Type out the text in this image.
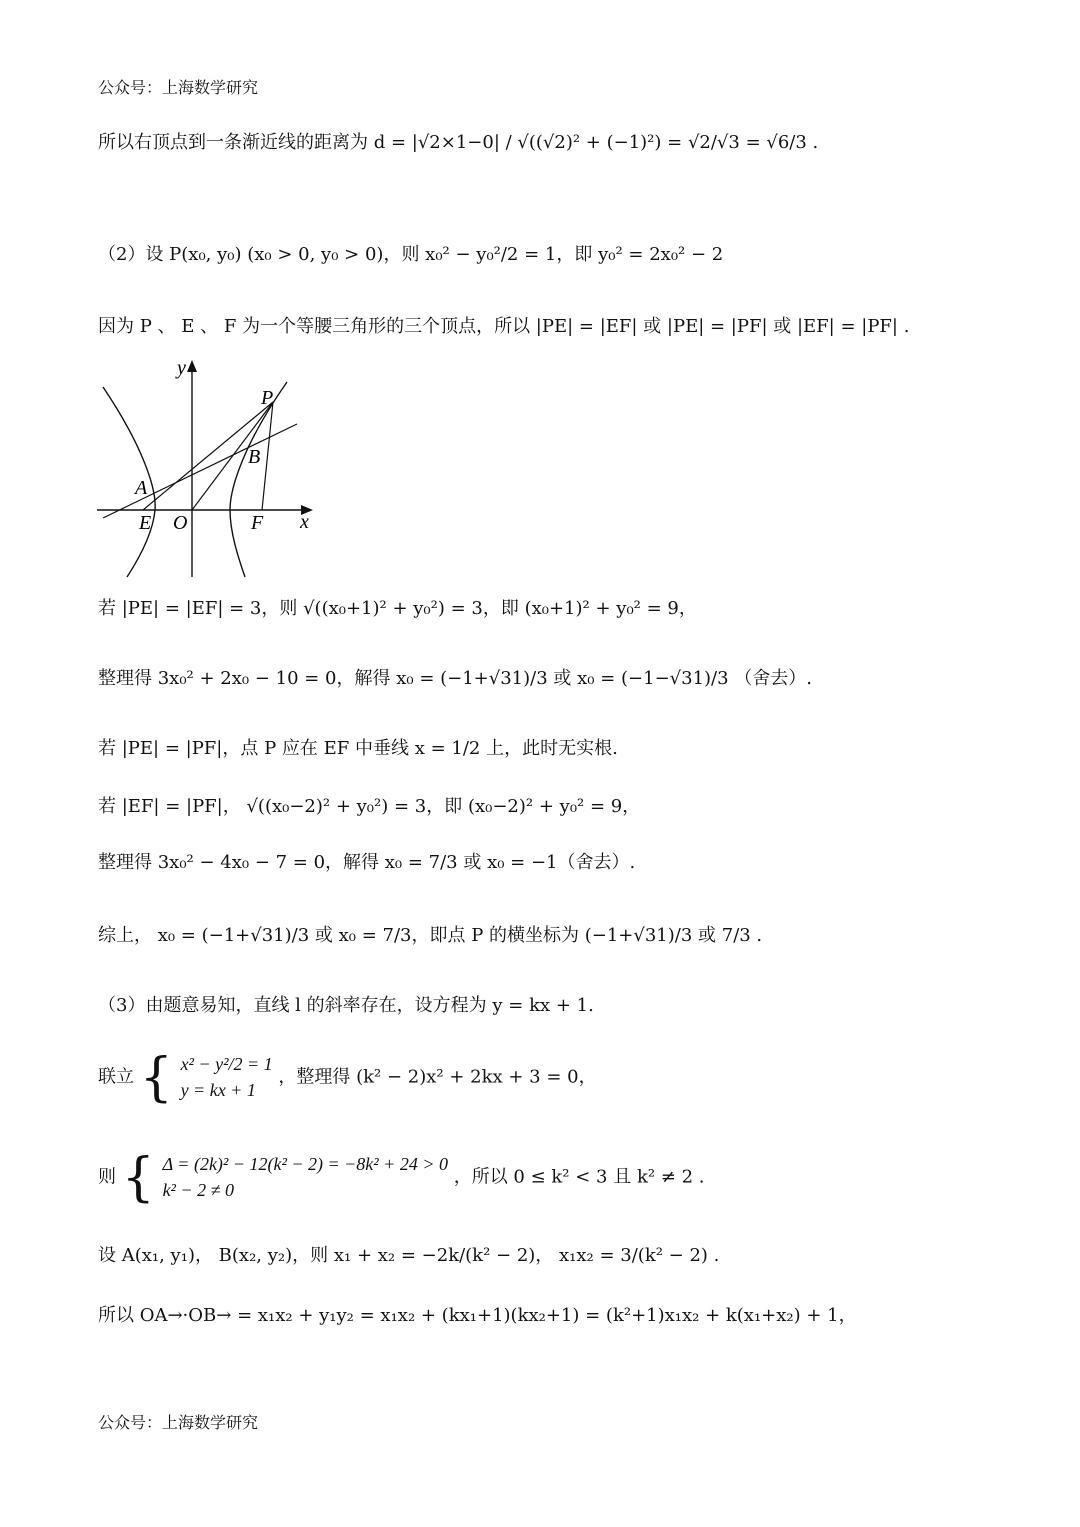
公众号：上海数学研究
所以右顶点到一条渐近线的距离为 d = |√2×1−0| / √((√2)² + (−1)²) = √2/√3 = √6/3 .
（2）设 P(x₀, y₀) (x₀ > 0, y₀ > 0)，则 x₀² − y₀²/2 = 1，即 y₀² = 2x₀² − 2
因为 P 、 E 、 F 为一个等腰三角形的三个顶点，所以 |PE| = |EF| 或 |PE| = |PF| 或 |EF| = |PF| .
y
x
P
B
A
E O	F
若 |PE| = |EF| = 3，则 √((x₀+1)² + y₀²) = 3，即 (x₀+1)² + y₀² = 9，
整理得 3x₀² + 2x₀ − 10 = 0，解得 x₀ = (−1+√31)/3 或 x₀ = (−1−√31)/3 （舍去）.
若 |PE| = |PF|，点 P 应在 EF 中垂线 x = 1/2 上，此时无实根.
若 |EF| = |PF|， √((x₀−2)² + y₀²) = 3，即 (x₀−2)² + y₀² = 9，
整理得 3x₀² − 4x₀ − 7 = 0，解得 x₀ = 7/3 或 x₀ = −1（舍去）.
综上， x₀ = (−1+√31)/3 或 x₀ = 7/3，即点 P 的横坐标为 (−1+√31)/3 或 7/3 .
（3）由题意易知，直线 l 的斜率存在，设方程为 y = kx + 1.
联立 { x² − y²/2 = 1
y = kx + 1
，整理得 (k² − 2)x² + 2kx + 3 = 0，
则 { Δ = (2k)² − 12(k² − 2) = −8k² + 24 > 0
k² − 2 ≠ 0
，所以 0 ≤ k² < 3 且 k² ≠ 2 .
设 A(x₁, y₁)， B(x₂, y₂)，则 x₁ + x₂ = −2k/(k² − 2)， x₁x₂ = 3/(k² − 2) .
所以 OA→·OB→ = x₁x₂ + y₁y₂ = x₁x₂ + (kx₁+1)(kx₂+1) = (k²+1)x₁x₂ + k(x₁+x₂) + 1，
公众号：上海数学研究
